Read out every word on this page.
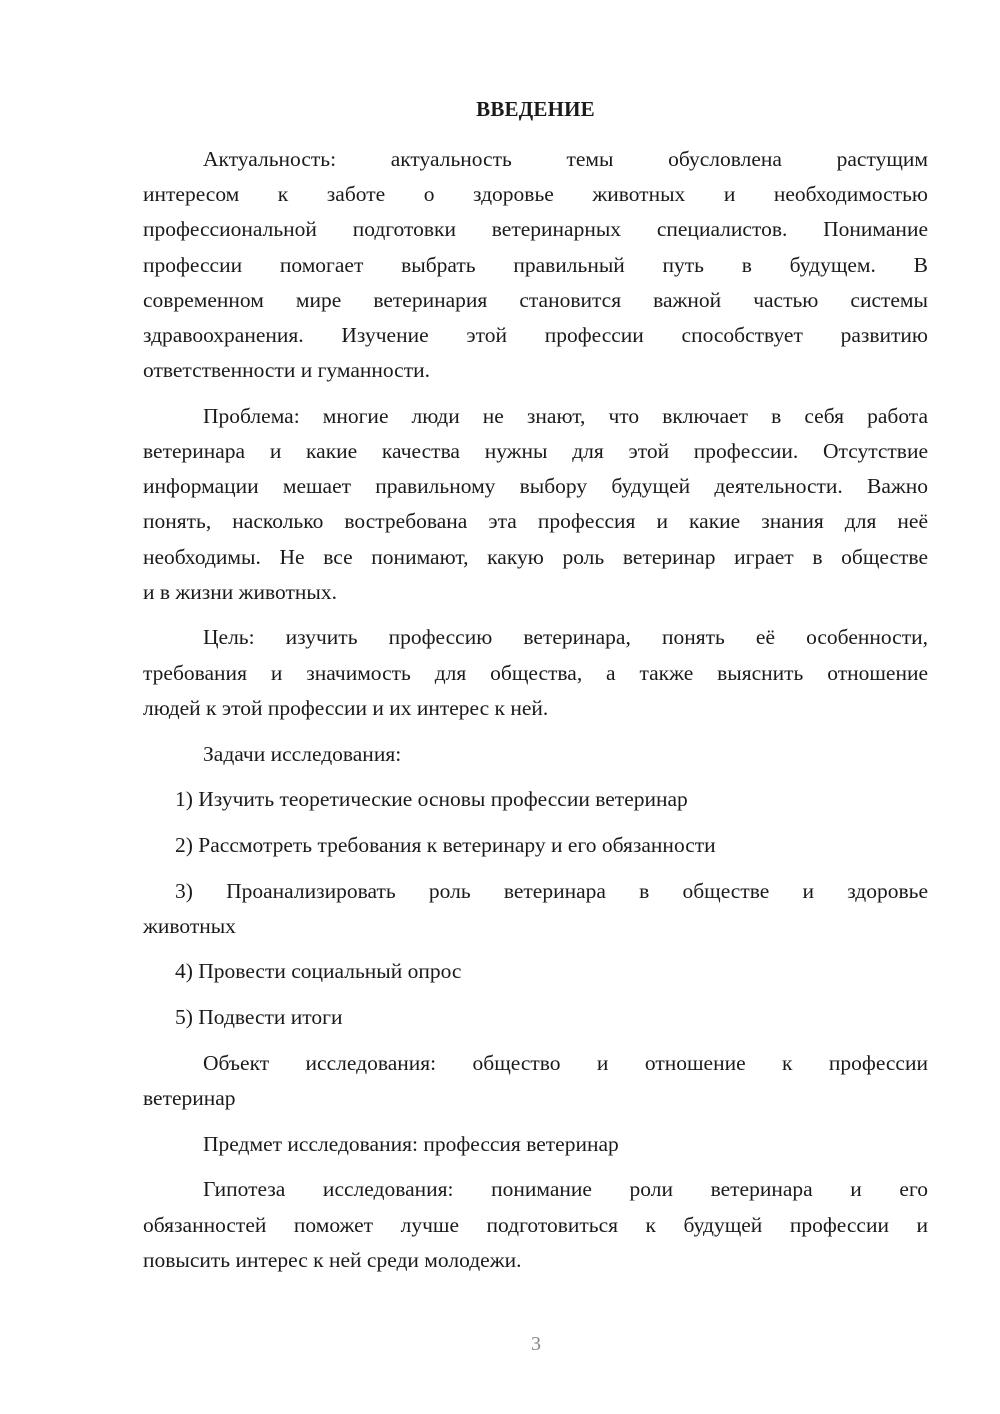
ВВЕДЕНИЕ
Актуальность: актуальность темы обусловлена растущим
интересом к заботе о здоровье животных и необходимостью
профессиональной подготовки ветеринарных специалистов. Понимание
профессии помогает выбрать правильный путь в будущем. В
современном мире ветеринария становится важной частью системы
здравоохранения. Изучение этой профессии способствует развитию
ответственности и гуманности.
Проблема: многие люди не знают, что включает в себя работа
ветеринара и какие качества нужны для этой профессии. Отсутствие
информации мешает правильному выбору будущей деятельности. Важно
понять, насколько востребована эта профессия и какие знания для неё
необходимы. Не все понимают, какую роль ветеринар играет в обществе
и в жизни животных.
Цель: изучить профессию ветеринара, понять её особенности,
требования и значимость для общества, а также выяснить отношение
людей к этой профессии и их интерес к ней.
Задачи исследования:
1) Изучить теоретические основы профессии ветеринар
2) Рассмотреть требования к ветеринару и его обязанности
3) Проанализировать роль ветеринара в обществе и здоровье
животных
4) Провести социальный опрос
5) Подвести итоги
Объект исследования: общество и отношение к профессии
ветеринар
Предмет исследования: профессия ветеринар
Гипотеза исследования: понимание роли ветеринара и его
обязанностей поможет лучше подготовиться к будущей профессии и
повысить интерес к ней среди молодежи.
3
